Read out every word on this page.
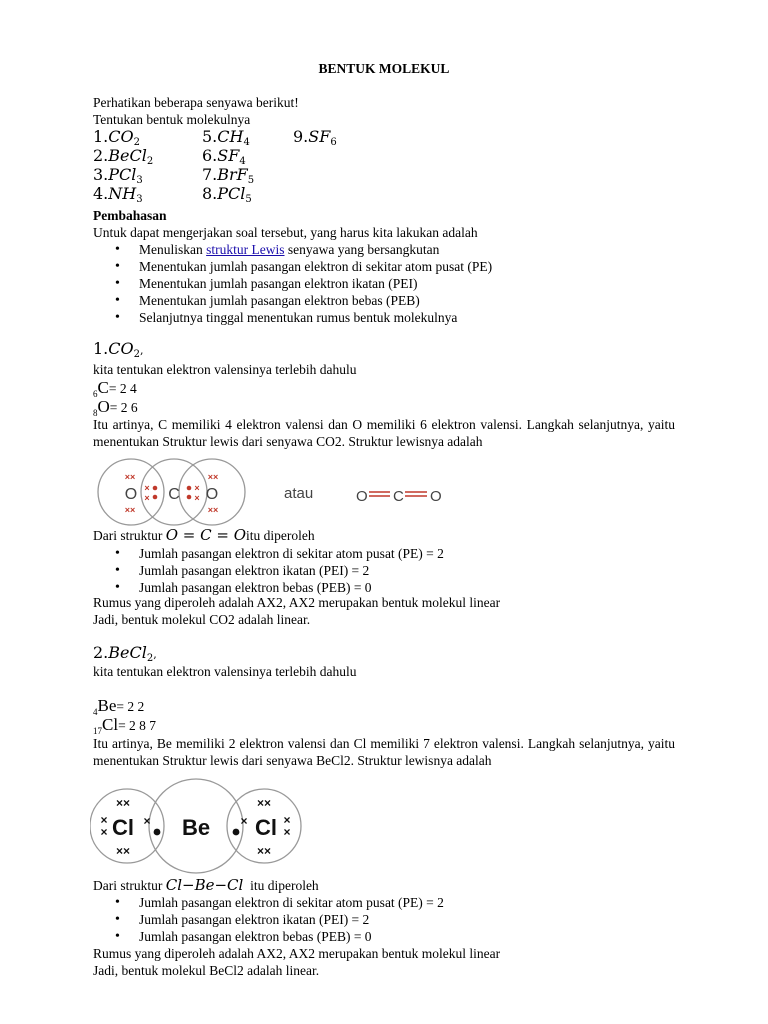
BENTUK MOLEKUL
Perhatikan beberapa senyawa berikut!
Tentukan bentuk molekulnya
$1.CO_2$
2.BeCl$_2$
3.PCl$_3$
$4.NH_3$
$5.CH_4$
$6.SF_4$
7.BrF$_5$
8.PCl$_5$
$9.SF_6$
Pembahasan
Untuk dapat mengerjakan soal tersebut, yang harus kita lakukan adalah
• Menuliskan struktur Lewis senyawa yang bersangkutan
• Menentukan jumlah pasangan elektron di sekitar atom pusat (PE)
• Menentukan jumlah pasangan elektron ikatan (PEI)
• Menentukan jumlah pasangan elektron bebas (PEB)
• Selanjutnya tinggal menentukan rumus bentuk molekulnya
$1.CO_2$,
kita tentukan elektron valensinya terlebih dahulu
$_6$C= 2 4
$_8$O= 2 6
Itu artinya, C memiliki 4 elektron valensi dan O memiliki 6 elektron valensi. Langkah selanjutnya, yaitu menentukan Struktur lewis dari senyawa CO2. Struktur lewisnya adalah
O C O
××
××
××
××
×
×
×
×	atau	O C O
Dari struktur O = C = Oitu diperoleh
• Jumlah pasangan elektron di sekitar atom pusat (PE) = 2
• Jumlah pasangan elektron ikatan (PEI) = 2
• Jumlah pasangan elektron bebas (PEB) = 0
Rumus yang diperoleh adalah AX2, AX2 merupakan bentuk molekul linear
Jadi, bentuk molekul CO2 adalah linear.
2.BeCl$_2$,
kita tentukan elektron valensinya terlebih dahulu
$_4$Be= 2 2
$_{17}$Cl= 2 8 7
Itu artinya, Be memiliki 2 elektron valensi dan Cl memiliki 7 elektron valensi. Langkah selanjutnya, yaitu menentukan Struktur lewis dari senyawa BeCl2. Struktur lewisnya adalah
Cl Be Cl
××
××
×
×
××
××
×
×
×	×
Dari struktur Cl−Be−Cl itu diperoleh
• Jumlah pasangan elektron di sekitar atom pusat (PE) = 2
• Jumlah pasangan elektron ikatan (PEI) = 2
• Jumlah pasangan elektron bebas (PEB) = 0
Rumus yang diperoleh adalah AX2, AX2 merupakan bentuk molekul linear
Jadi, bentuk molekul BeCl2 adalah linear.
